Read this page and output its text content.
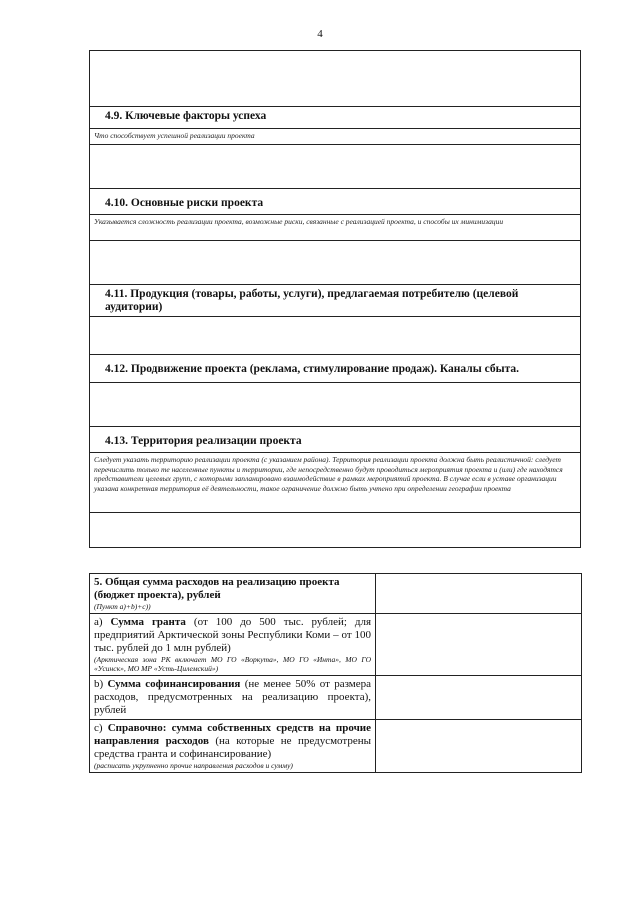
4
4.9. Ключевые факторы успеха
Что способствует успешной реализации проекта
4.10. Основные риски проекта
Указывается сложность реализации проекта, возможные риски, связанные с реализацией проекта, и способы их минимизации
4.11. Продукция (товары, работы, услуги), предлагаемая потребителю (целевой аудитории)
4.12. Продвижение проекта (реклама, стимулирование продаж). Каналы сбыта.
4.13. Территория реализации проекта
Следует указать территорию реализации проекта (с указанием района). Территория реализации проекта должна быть реалистичной: следует перечислить только те населенные пункты и территории, где непосредственно будут проводиться мероприятия проекта и (или) где находятся представители целевых групп, с которыми запланировано взаимодействие в рамках мероприятий проекта. В случае если в уставе организации указана конкретная территория её деятельности, такое ограничение должно быть учтено при определении географии проекта
5. Общая сумма расходов на реализацию проекта (бюджет проекта), рублей
(Пункт а)+b)+c))	

a) Сумма гранта (от 100 до 500 тыс. рублей; для предприятий Арктической зоны Республики Коми – от 100 тыс. рублей до 1 млн рублей)
(Арктическая зона РК включает МО ГО «Воркута», МО ГО «Инта», МО ГО «Усинск», МО МР «Усть-Цилемский»)	

b) Сумма софинансирования (не менее 50% от размера расходов, предусмотренных на реализацию проекта), рублей	
c) Справочно: сумма собственных средств на прочие направления расходов (на которые не предусмотрены средства гранта и софинансирование)
(расписать укрупненно прочие направления расходов и сумму)	
